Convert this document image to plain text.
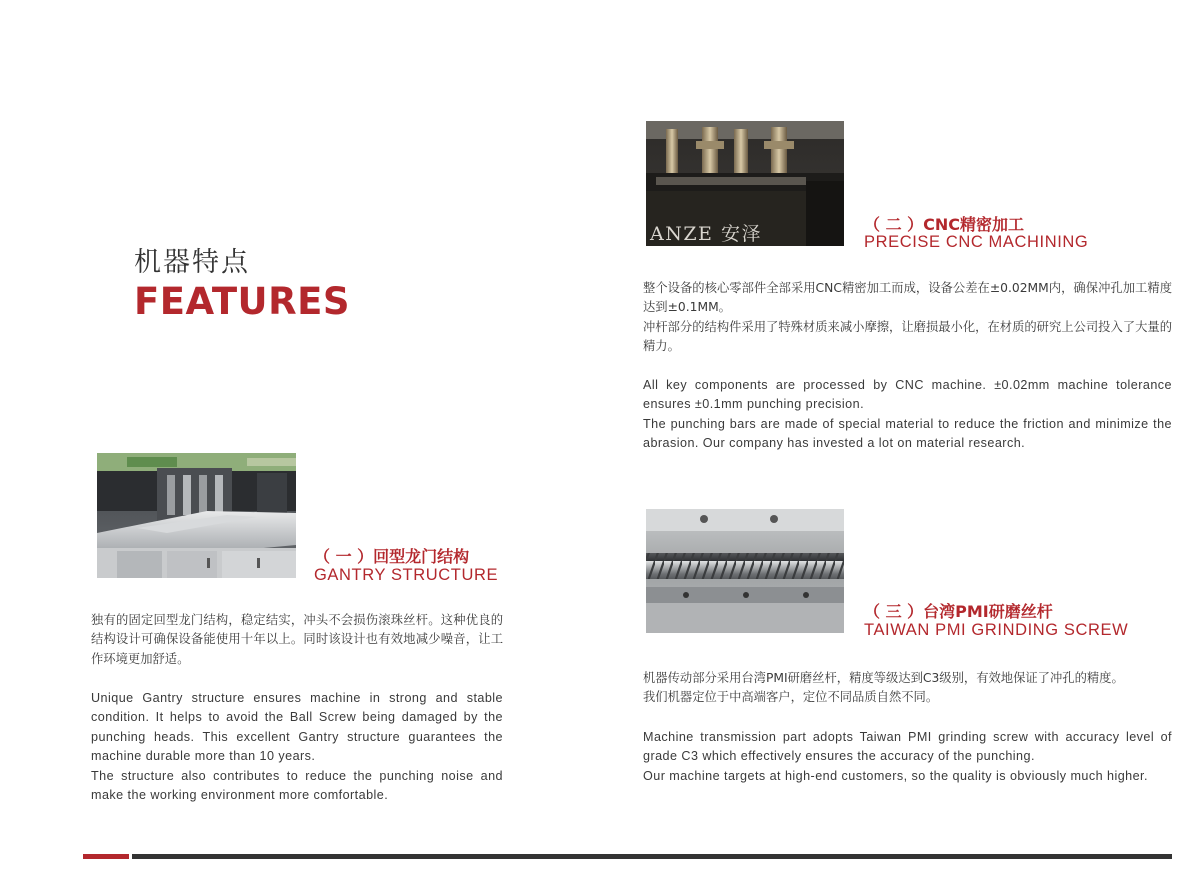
机器特点
FEATURES
（ 一 ）回型龙门结构
GANTRY STRUCTURE

独有的固定回型龙门结构，稳定结实，冲头不会损伤滚珠丝杆。这种优良的结构设计可确保设备能使用十年以上。同时该设计也有效地减少噪音，让工作环境更加舒适。

Unique Gantry structure ensures machine in strong and stable condition. It helps to avoid the Ball Screw being damaged by the punching heads. This excellent Gantry structure guarantees the machine durable more than 10 years.

The structure also contributes to reduce the punching noise and make the working environment more comfortable.

ANZE 安泽	（ 二 ）CNC精密加工
PRECISE CNC MACHINING

整个设备的核心零部件全部采用CNC精密加工而成，设备公差在±0.02MM内，确保冲孔加工精度达到±0.1MM。

冲杆部分的结构件采用了特殊材质来减小摩擦，让磨损最小化，在材质的研究上公司投入了大量的精力。

All key components are processed by CNC machine. ±0.02mm machine tolerance ensures ±0.1mm punching precision.

The punching bars are made of special material to reduce the friction and minimize the abrasion. Our company has invested a lot on material research.

（ 三 ）台湾PMI研磨丝杆
TAIWAN PMI GRINDING SCREW

机器传动部分采用台湾PMI研磨丝杆，精度等级达到C3级别，有效地保证了冲孔的精度。

我们机器定位于中高端客户，定位不同品质自然不同。

Machine transmission part adopts Taiwan PMI grinding screw with accuracy level of grade C3 which effectively ensures the accuracy of the punching.

Our machine targets at high-end customers, so the quality is obviously much higher.
